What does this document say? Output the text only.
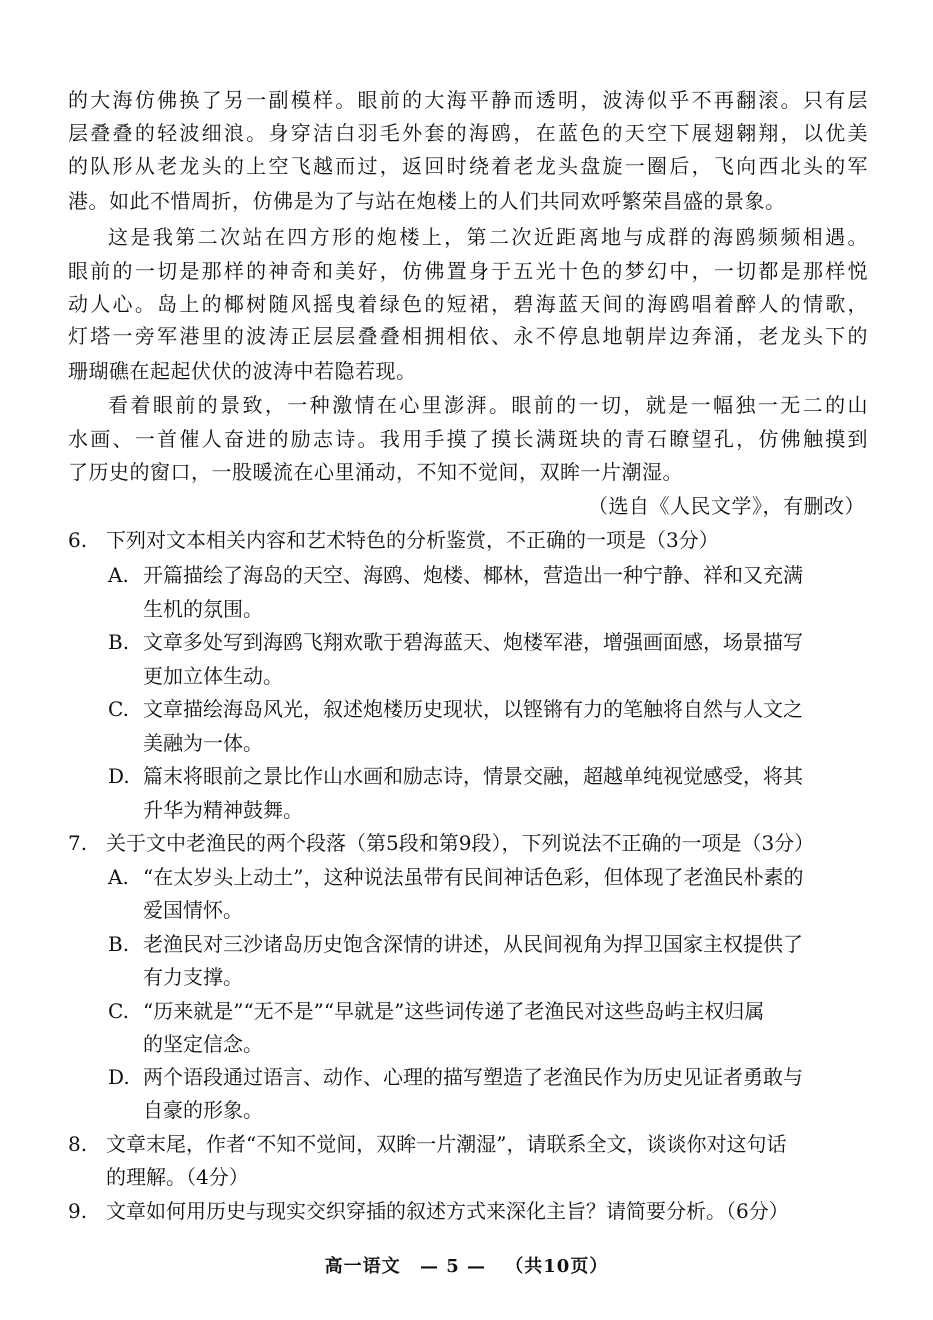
的大海仿佛换了另一副模样。眼前的大海平静而透明，波涛似乎不再翻滚。只有层
层叠叠的轻波细浪。身穿洁白羽毛外套的海鸥，在蓝色的天空下展翅翱翔，以优美
的队形从老龙头的上空飞越而过，返回时绕着老龙头盘旋一圈后，飞向西北头的军
港。如此不惜周折，仿佛是为了与站在炮楼上的人们共同欢呼繁荣昌盛的景象。
这是我第二次站在四方形的炮楼上，第二次近距离地与成群的海鸥频频相遇。
眼前的一切是那样的神奇和美好，仿佛置身于五光十色的梦幻中，一切都是那样悦
动人心。岛上的椰树随风摇曳着绿色的短裙，碧海蓝天间的海鸥唱着醉人的情歌，
灯塔一旁军港里的波涛正层层叠叠相拥相依、永不停息地朝岸边奔涌，老龙头下的
珊瑚礁在起起伏伏的波涛中若隐若现。
看着眼前的景致，一种激情在心里澎湃。眼前的一切，就是一幅独一无二的山
水画、一首催人奋进的励志诗。我用手摸了摸长满斑块的青石瞭望孔，仿佛触摸到
了历史的窗口，一股暖流在心里涌动，不知不觉间，双眸一片潮湿。
（选自《人民文学》，有删改）
6. 下列对文本相关内容和艺术特色的分析鉴赏，不正确的一项是（3分）
A. 开篇描绘了海岛的天空、海鸥、炮楼、椰林，营造出一种宁静、祥和又充满
生机的氛围。
B. 文章多处写到海鸥飞翔欢歌于碧海蓝天、炮楼军港，增强画面感，场景描写
更加立体生动。
C. 文章描绘海岛风光，叙述炮楼历史现状，以铿锵有力的笔触将自然与人文之
美融为一体。
D. 篇末将眼前之景比作山水画和励志诗，情景交融，超越单纯视觉感受，将其
升华为精神鼓舞。
7. 关于文中老渔民的两个段落（第5段和第9段），下列说法不正确的一项是（3分）
A. “在太岁头上动土”，这种说法虽带有民间神话色彩，但体现了老渔民朴素的
爱国情怀。
B. 老渔民对三沙诸岛历史饱含深情的讲述，从民间视角为捍卫国家主权提供了
有力支撑。
C. “历来就是”“无不是”“早就是”这些词传递了老渔民对这些岛屿主权归属
的坚定信念。
D. 两个语段通过语言、动作、心理的描写塑造了老渔民作为历史见证者勇敢与
自豪的形象。
8. 文章末尾，作者“不知不觉间，双眸一片潮湿”，请联系全文，谈谈你对这句话
的理解。（4分）
9. 文章如何用历史与现实交织穿插的叙述方式来深化主旨？请简要分析。（6分）
高一语文 — 5 — （共10页）
